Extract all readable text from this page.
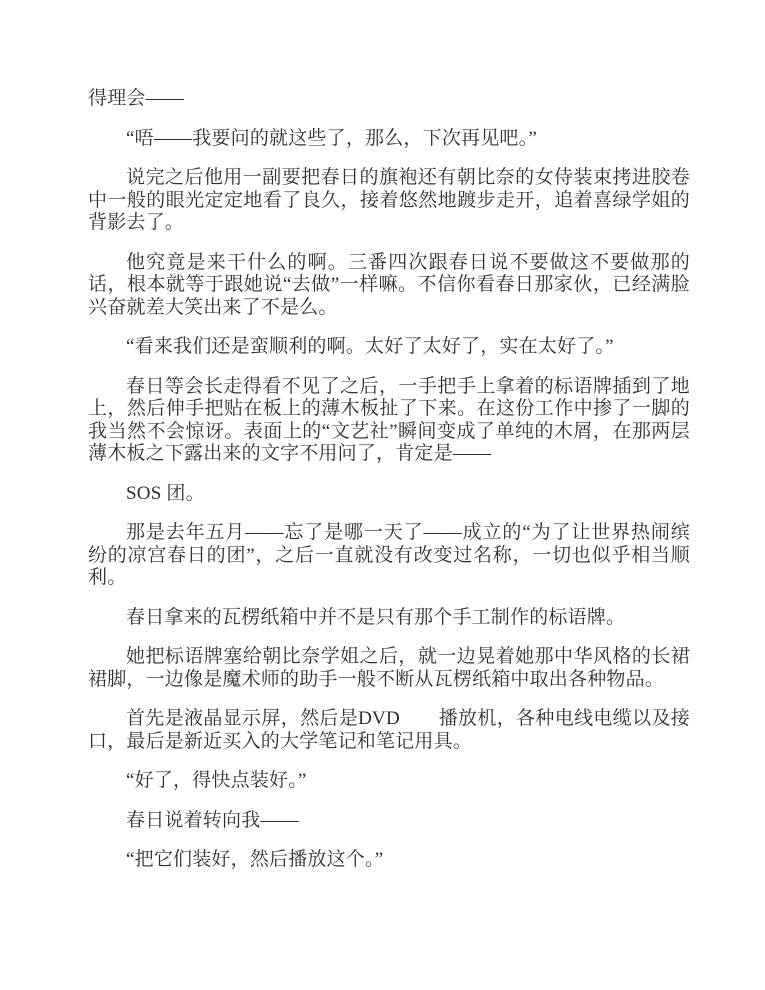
得理会——

“唔——我要问的就这些了，那么，下次再见吧。”

说完之后他用一副要把春日的旗袍还有朝比奈的女侍装束拷进胶卷中一般的眼光定定地看了良久，接着悠然地踱步走开，追着喜绿学姐的背影去了。

他究竟是来干什么的啊。三番四次跟春日说不要做这不要做那的话，根本就等于跟她说“去做”一样嘛。不信你看春日那家伙，已经满脸兴奋就差大笑出来了不是么。

“看来我们还是蛮顺利的啊。太好了太好了，实在太好了。”

春日等会长走得看不见了之后，一手把手上拿着的标语牌插到了地上，然后伸手把贴在板上的薄木板扯了下来。在这份工作中掺了一脚的我当然不会惊讶。表面上的“文艺社”瞬间变成了单纯的木屑，在那两层薄木板之下露出来的文字不用问了，肯定是——

SOS 团。

那是去年五月——忘了是哪一天了——成立的“为了让世界热闹缤纷的凉宫春日的团”，之后一直就没有改变过名称，一切也似乎相当顺利。

春日拿来的瓦楞纸箱中并不是只有那个手工制作的标语牌。

她把标语牌塞给朝比奈学姐之后，就一边晃着她那中华风格的长裙裙脚，一边像是魔术师的助手一般不断从瓦楞纸箱中取出各种物品。

首先是液晶显示屏，然后是DVD　　播放机，各种电线电缆以及接口，最后是新近买入的大学笔记和笔记用具。

“好了，得快点装好。”

春日说着转向我——

“把它们装好，然后播放这个。”
